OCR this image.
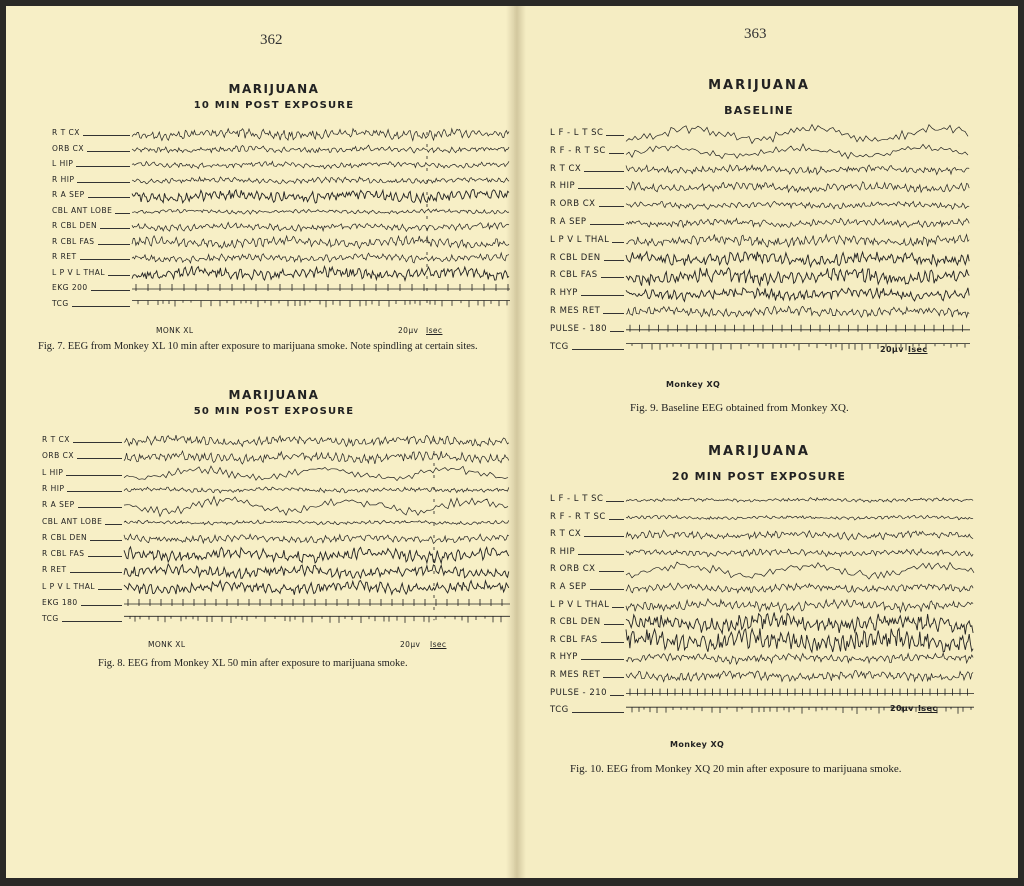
362
MARIJUANA
10 MIN POST EXPOSURE
R T CX
ORB CX
L HIP
R HIP
R A SEP
CBL ANT LOBE
R CBL DEN
R CBL FAS
R RET
L P V L THAL
EKG 200
TCG
MONK XL	20µv Isec
Fig. 7. EEG from Monkey XL 10 min after exposure to marijuana smoke. Note spindling at certain sites.
MARIJUANA
50 MIN POST EXPOSURE
R T CX
ORB CX
L HIP
R HIP
R A SEP
CBL ANT LOBE
R CBL DEN
R CBL FAS
R RET
L P V L THAL
EKG 180
TCG
MONK XL	20µv Isec
Fig. 8. EEG from Monkey XL 50 min after exposure to marijuana smoke.
363
MARIJUANA
BASELINE
L F - L T SC
R F - R T SC
R T CX
R HIP
R ORB CX
R A SEP
L P V L THAL
R CBL DEN
R CBL FAS
R HYP
R MES RET
PULSE - 180
TCG	20µv Isec
Monkey XQ
Fig. 9. Baseline EEG obtained from Monkey XQ.
MARIJUANA
20 MIN POST EXPOSURE
L F - L T SC
R F - R T SC
R T CX
R HIP
R ORB CX
R A SEP
L P V L THAL
R CBL DEN
R CBL FAS
R HYP
R MES RET
PULSE - 210
TCG	20µv Isec
Monkey XQ
Fig. 10. EEG from Monkey XQ 20 min after exposure to marijuana smoke.
